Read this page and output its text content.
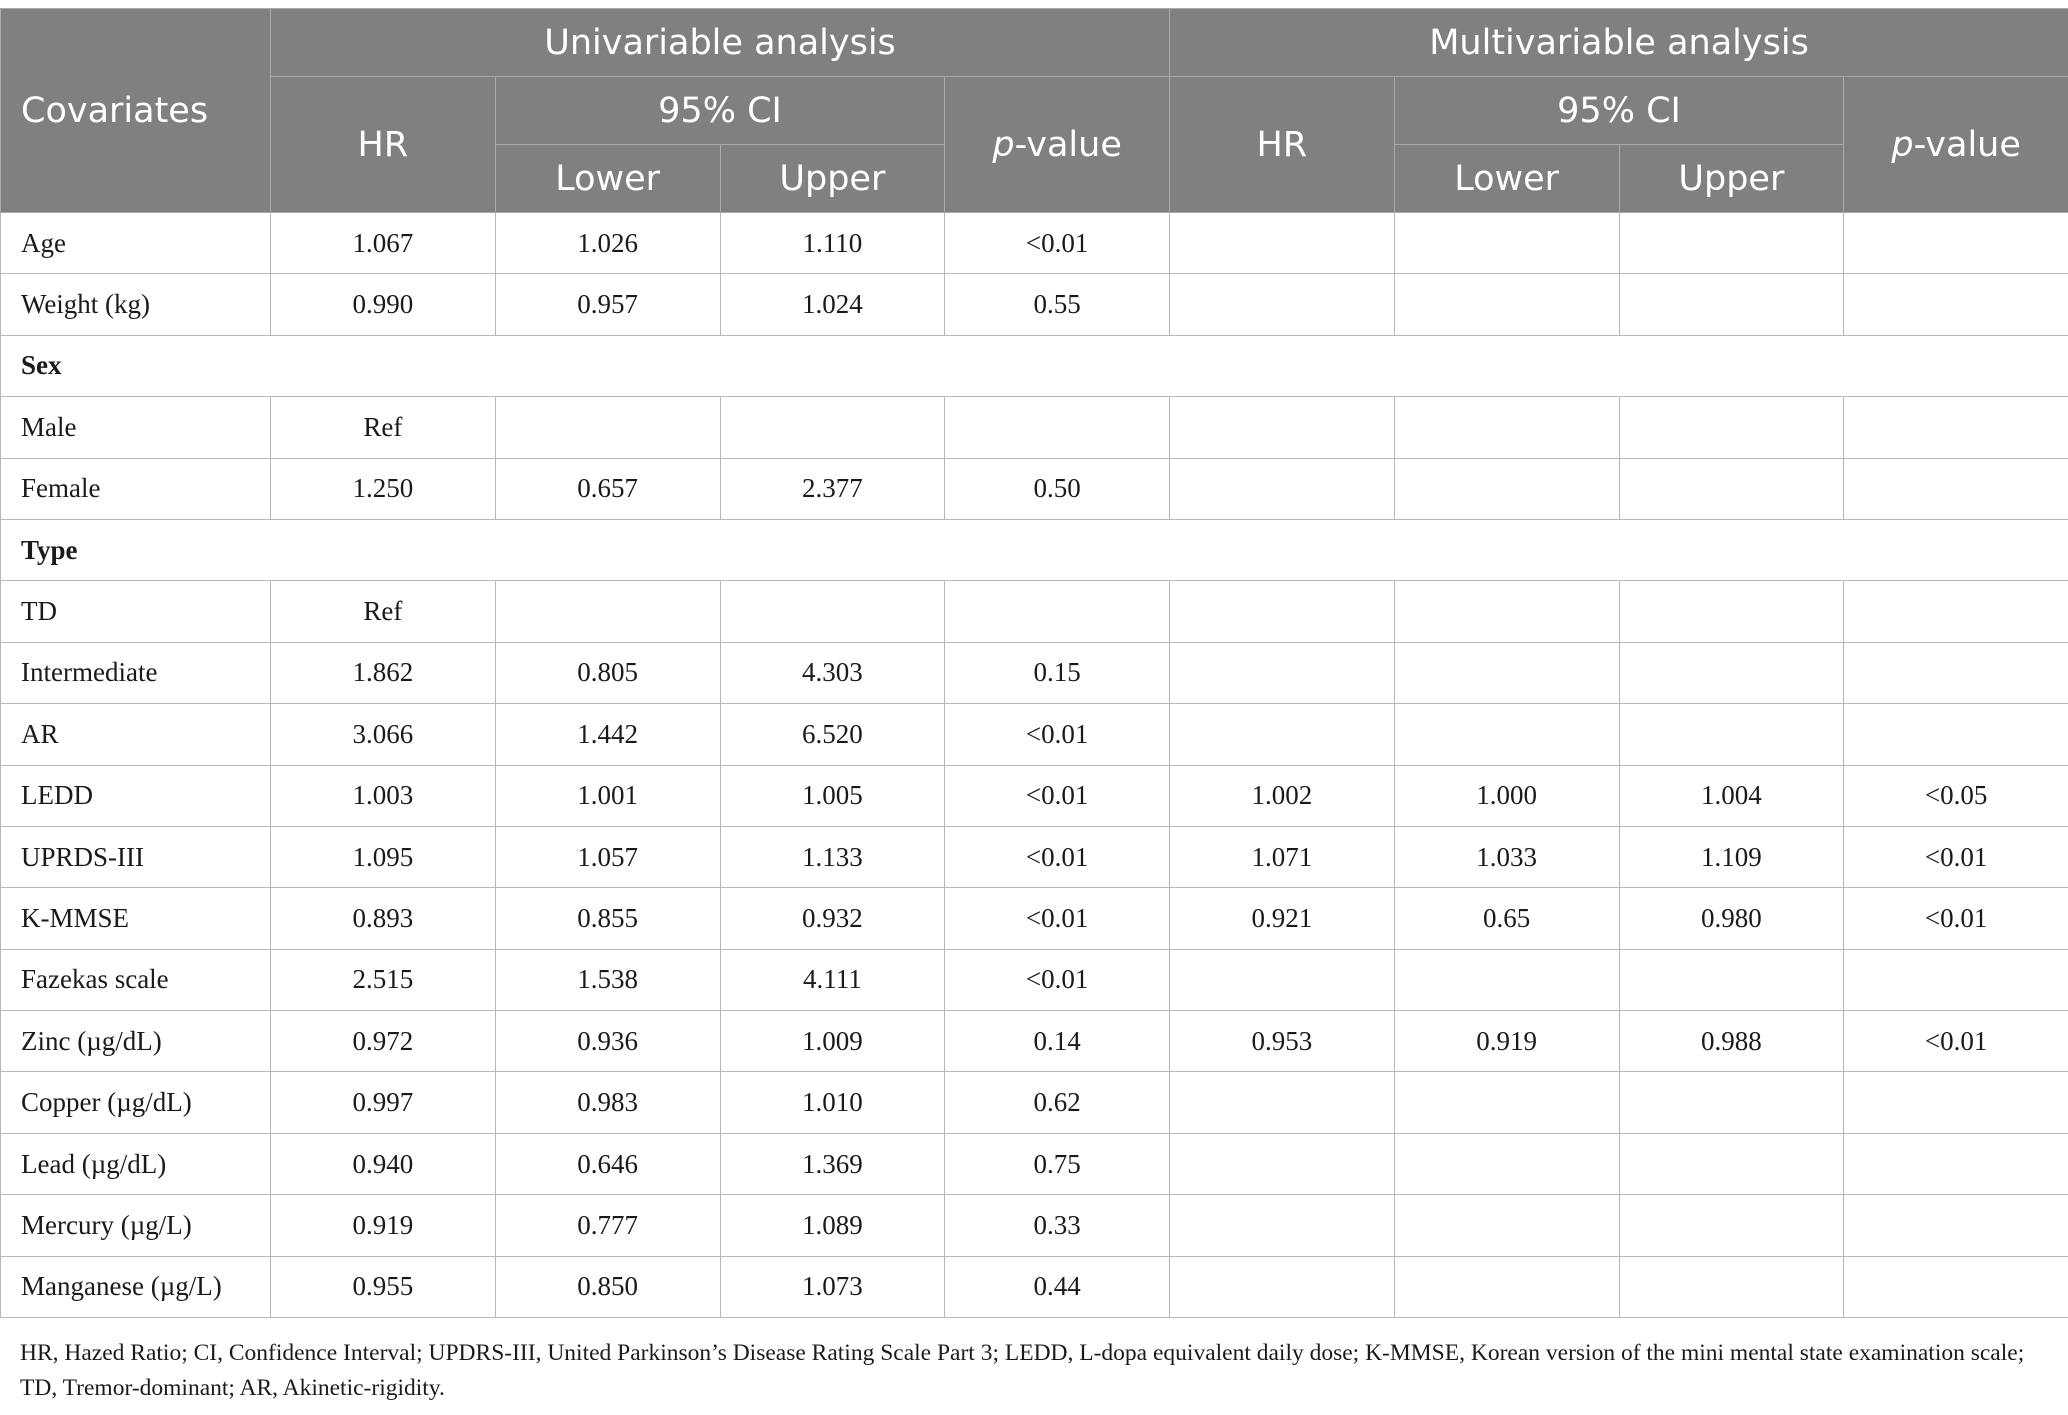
Covariates	Univariable analysis				Multivariable analysis			
	HR	95% CI		p-value	HR	95% CI		p-value
		Lower	Upper			Lower	Upper	
Age	1.067	1.026	1.110	<0.01				
Weight (kg)	0.990	0.957	1.024	0.55				
Sex								
Male	Ref							
Female	1.250	0.657	2.377	0.50				
Type								
TD	Ref							
Intermediate	1.862	0.805	4.303	0.15				
AR	3.066	1.442	6.520	<0.01				
LEDD	1.003	1.001	1.005	<0.01	1.002	1.000	1.004	<0.05
UPRDS-III	1.095	1.057	1.133	<0.01	1.071	1.033	1.109	<0.01
K-MMSE	0.893	0.855	0.932	<0.01	0.921	0.65	0.980	<0.01
Fazekas scale	2.515	1.538	4.111	<0.01				
Zinc (µg/dL)	0.972	0.936	1.009	0.14	0.953	0.919	0.988	<0.01
Copper (µg/dL)	0.997	0.983	1.010	0.62				
Lead (µg/dL)	0.940	0.646	1.369	0.75				
Mercury (µg/L)	0.919	0.777	1.089	0.33				
Manganese (µg/L)	0.955	0.850	1.073	0.44				
HR, Hazed Ratio; CI, Confidence Interval; UPDRS-III, United Parkinson’s Disease Rating Scale Part 3; LEDD, L-dopa equivalent daily dose; K-MMSE, Korean version of the mini mental state examination scale; TD, Tremor-dominant; AR, Akinetic-rigidity.
